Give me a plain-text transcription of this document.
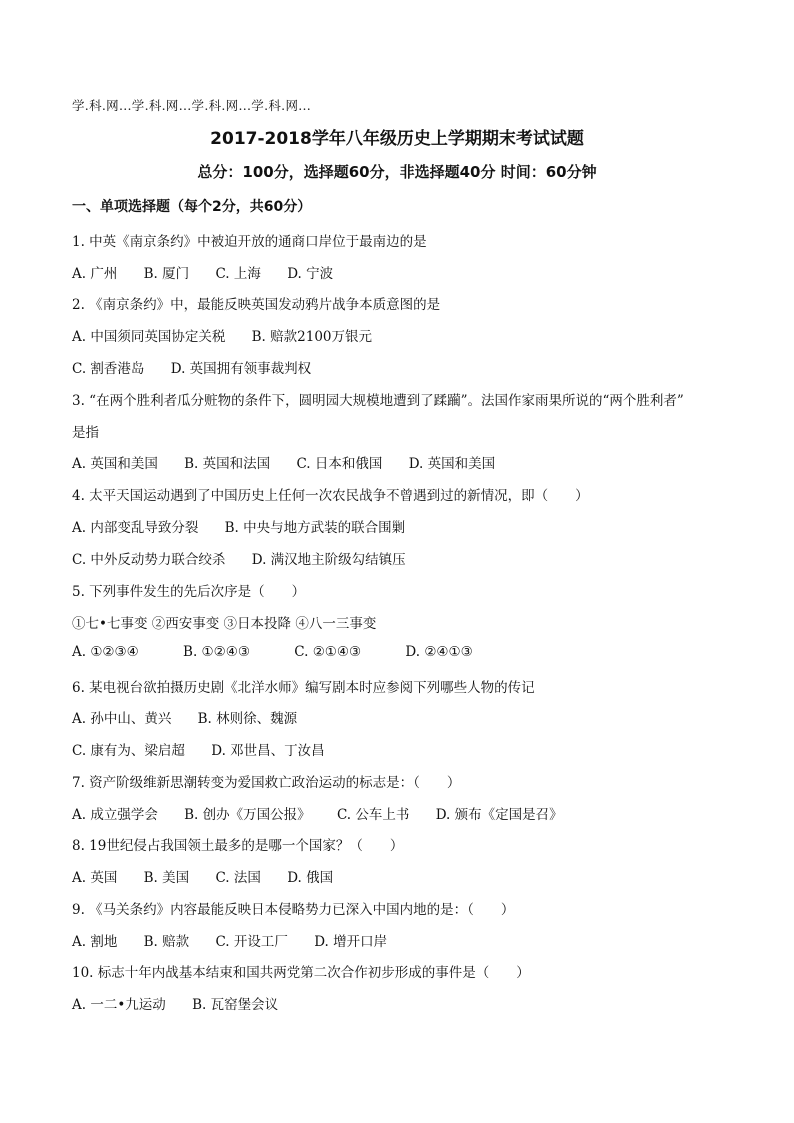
学.科.网...学.科.网...学.科.网...学.科.网...
2017-2018学年八年级历史上学期期末考试试题
总分：100分，选择题60分，非选择题40分 时间：60分钟
一、单项选择题（每个2分，共60分）
1. 中英《南京条约》中被迫开放的通商口岸位于最南边的是
A. 广州 B. 厦门 C. 上海 D. 宁波
2. 《南京条约》中，最能反映英国发动鸦片战争本质意图的是
A. 中国须同英国协定关税 B. 赔款2100万银元
C. 割香港岛 D. 英国拥有领事裁判权
3. “在两个胜利者瓜分赃物的条件下，圆明园大规模地遭到了蹂躏”。法国作家雨果所说的“两个胜利者”
是指
A. 英国和美国 B. 英国和法国 C. 日本和俄国 D. 英国和美国
4. 太平天国运动遇到了中国历史上任何一次农民战争不曾遇到过的新情况，即（　　）
A. 内部变乱导致分裂 B. 中央与地方武装的联合围剿
C. 中外反动势力联合绞杀 D. 满汉地主阶级勾结镇压
5. 下列事件发生的先后次序是（　　）
①七•七事变 ②西安事变 ③日本投降 ④八一三事变
A. ①②③④	B. ①②④③	C. ②①④③	D. ②④①③
6. 某电视台欲拍摄历史剧《北洋水师》编写剧本时应参阅下列哪些人物的传记
A. 孙中山、黄兴 B. 林则徐、魏源
C. 康有为、梁启超 D. 邓世昌、丁汝昌
7. 资产阶级维新思潮转变为爱国救亡政治运动的标志是：（　　）
A. 成立强学会 B. 创办《万国公报》 C. 公车上书 D. 颁布《定国是召》
8. 19世纪侵占我国领土最多的是哪一个国家？（　　）
A. 英国 B. 美国 C. 法国 D. 俄国
9. 《马关条约》内容最能反映日本侵略势力已深入中国内地的是：（　　）
A. 割地 B. 赔款 C. 开设工厂 D. 增开口岸
10. 标志十年内战基本结束和国共两党第二次合作初步形成的事件是（　　）
A. 一二•九运动 B. 瓦窑堡会议
